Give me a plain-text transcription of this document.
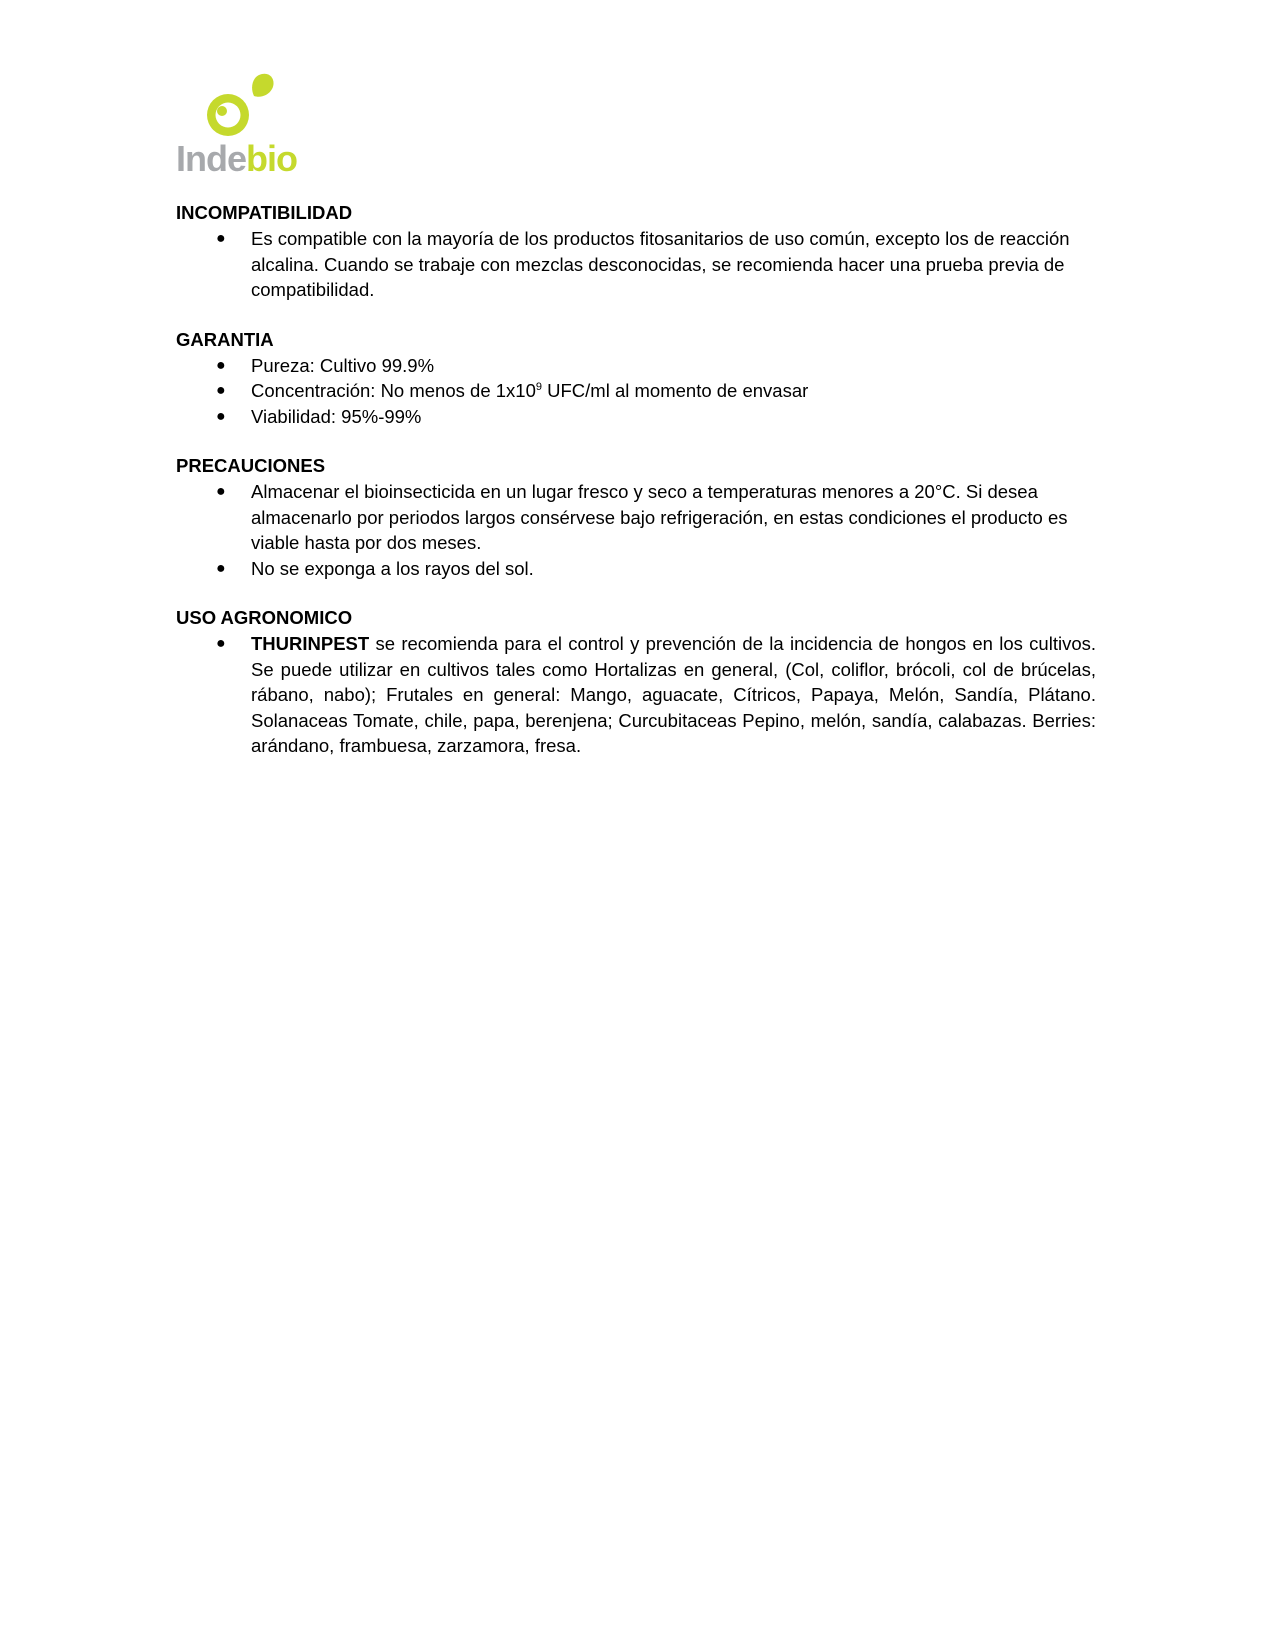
Indebio
INCOMPATIBILIDAD
● Es compatible con la mayoría de los productos fitosanitarios de uso común, excepto los de reacción alcalina. Cuando se trabaje con mezclas desconocidas, se recomienda hacer una prueba previa de compatibilidad.
GARANTIA
● Pureza: Cultivo 99.9%
● Concentración: No menos de $1x10^9$ UFC/ml al momento de envasar
● Viabilidad: 95%-99%
PRECAUCIONES
● Almacenar el bioinsecticida en un lugar fresco y seco a temperaturas menores a 20°C. Si desea almacenarlo por periodos largos consérvese bajo refrigeración, en estas condiciones el producto es viable hasta por dos meses.
● No se exponga a los rayos del sol.
USO AGRONOMICO
● THURINPEST se recomienda para el control y prevención de la incidencia de hongos en los cultivos. Se puede utilizar en cultivos tales como Hortalizas en general, (Col, coliflor, brócoli, col de brúcelas, rábano, nabo); Frutales en general: Mango, aguacate, Cítricos, Papaya, Melón, Sandía, Plátano. Solanaceas Tomate, chile, papa, berenjena; Curcubitaceas Pepino, melón, sandía, calabazas. Berries: arándano, frambuesa, zarzamora, fresa.
